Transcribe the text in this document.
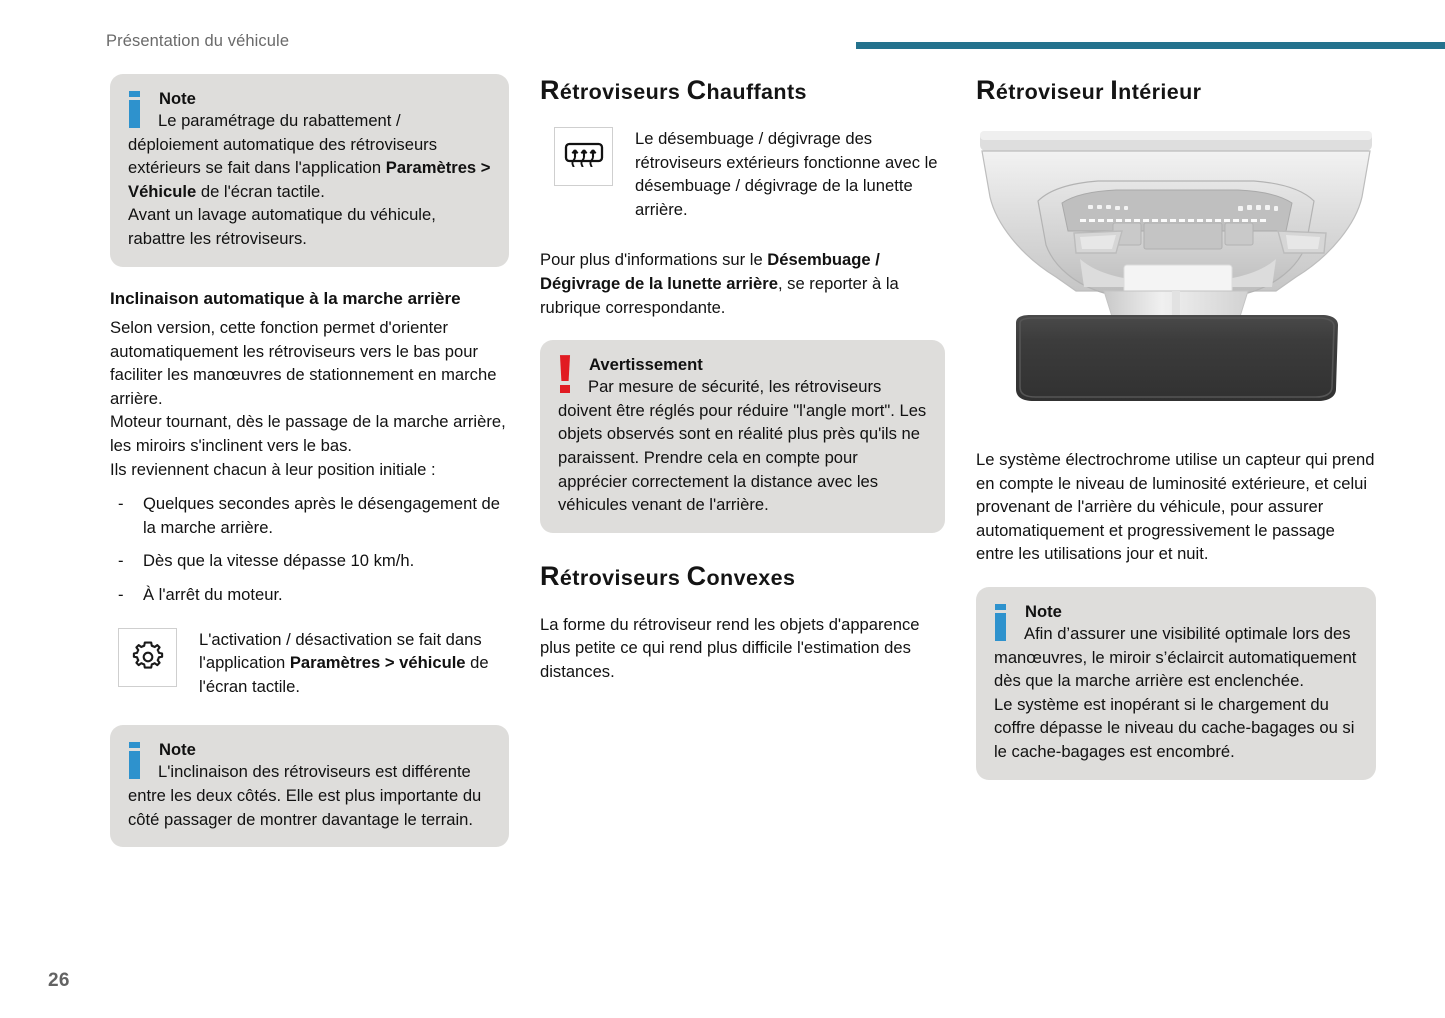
Présentation du véhicule
Note

Le paramétrage du rabattement / déploiement automatique des rétroviseurs extérieurs se fait dans l'application Paramètres > Véhicule de l'écran tactile.

Avant un lavage automatique du véhicule, rabattre les rétroviseurs.

Inclinaison automatique à la marche arrière

Selon version, cette fonction permet d'orienter automatiquement les rétroviseurs vers le bas pour faciliter les manœuvres de stationnement en marche arrière.

Moteur tournant, dès le passage de la marche arrière, les miroirs s'inclinent vers le bas.

Ils reviennent chacun à leur position initiale :

- Quelques secondes après le désengagement de la marche arrière.
- Dès que la vitesse dépasse 10 km/h.
- À l'arrêt du moteur.
L'activation / désactivation se fait dans l'application Paramètres > véhicule de l'écran tactile.
Note

L'inclinaison des rétroviseurs est différente entre les deux côtés. Elle est plus importante du côté passager de montrer davantage le terrain.

Rétroviseurs Chauffants
Le désembuage / dégivrage des rétroviseurs extérieurs fonctionne avec le désembuage / dégivrage de la lunette arrière.

Pour plus d'informations sur le Désembuage / Dégivrage de la lunette arrière, se reporter à la rubrique correspondante.

Avertissement

Par mesure de sécurité, les rétroviseurs doivent être réglés pour réduire "l'angle mort". Les objets observés sont en réalité plus près qu'ils ne paraissent. Prendre cela en compte pour apprécier correctement la distance avec les véhicules venant de l'arrière.

Rétroviseurs Convexes

La forme du rétroviseur rend les objets d'apparence plus petite ce qui rend plus difficile l'estimation des distances.

Rétroviseur Intérieur

Le système électrochrome utilise un capteur qui prend en compte le niveau de luminosité extérieure, et celui provenant de l'arrière du véhicule, pour assurer automatiquement et progressivement le passage entre les utilisations jour et nuit.

Note

Afin d’assurer une visibilité optimale lors des manœuvres, le miroir s’éclaircit automatiquement dès que la marche arrière est enclenchée.

Le système est inopérant si le chargement du coffre dépasse le niveau du cache-bagages ou si le cache-bagages est encombré.

26
